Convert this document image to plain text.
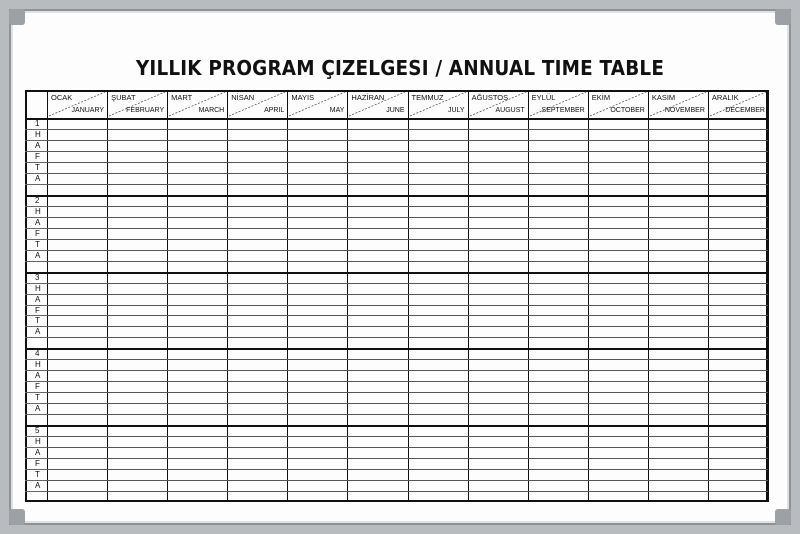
YILLIK PROGRAM ÇIZELGESI / ANNUAL TIME TABLE
OCAK
JANUARY
ŞUBAT
FEBRUARY
MART
MARCH
NİSAN
APRIL
MAYIS
MAY
HAZİRAN
JUNE
TEMMUZ
JULY
AĞUSTOS
AUGUST
EYLÜL
SEPTEMBER
EKİM
OCTOBER
KASIM
NOVEMBER
ARALIK
DECEMBER
1
H
A
F
T
A
2
H
A
F
T
A
3
H
A
F
T
A
4
H
A
F
T
A
5
H
A
F
T
A
